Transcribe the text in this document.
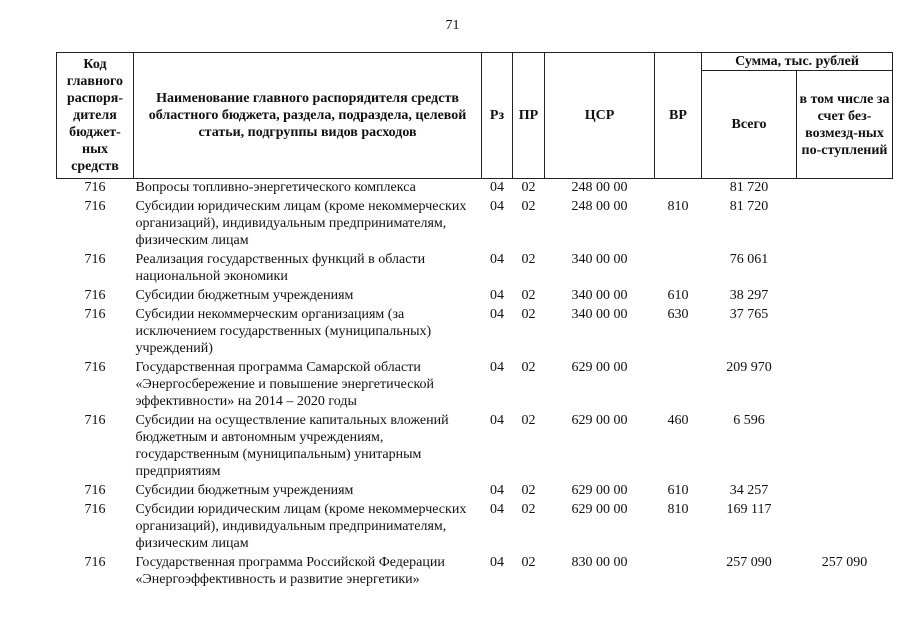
71
Код главного распоря-дителя бюджет-ных средств	Наименование главного распорядителя средств областного бюджета, раздела, подраздела, целевой статьи, подгруппы видов расходов	Рз	ПР	ЦСР	ВР	Сумма, тыс. рублей	
						Всего	в том числе за счет без-возмезд-ных по-ступлений
716	Вопросы топливно-энергетического комплекса	04	02	248 00 00		81 720	
716	Субсидии юридическим лицам (кроме некоммерческих организаций), индивидуальным предпринимателям, физическим лицам	04	02	248 00 00	810	81 720	
716	Реализация государственных функций в области национальной экономики	04	02	340 00 00		76 061	
716	Субсидии бюджетным учреждениям	04	02	340 00 00	610	38 297	
716	Субсидии некоммерческим организациям (за исключением государственных (муниципальных) учреждений)	04	02	340 00 00	630	37 765	
716	Государственная программа Самарской области «Энергосбережение и повышение энергетической эффективности» на 2014 – 2020 годы	04	02	629 00 00		209 970	
716	Субсидии на осуществление капитальных вложений бюджетным и автономным учреждениям, государственным (муниципальным) унитарным предприятиям	04	02	629 00 00	460	6 596	
716	Субсидии бюджетным учреждениям	04	02	629 00 00	610	34 257	
716	Субсидии юридическим лицам (кроме некоммерческих организаций), индивидуальным предпринимателям, физическим лицам	04	02	629 00 00	810	169 117	
716	Государственная программа Российской Федерации «Энергоэффективность и развитие энергетики»	04	02	830 00 00		257 090	257 090
